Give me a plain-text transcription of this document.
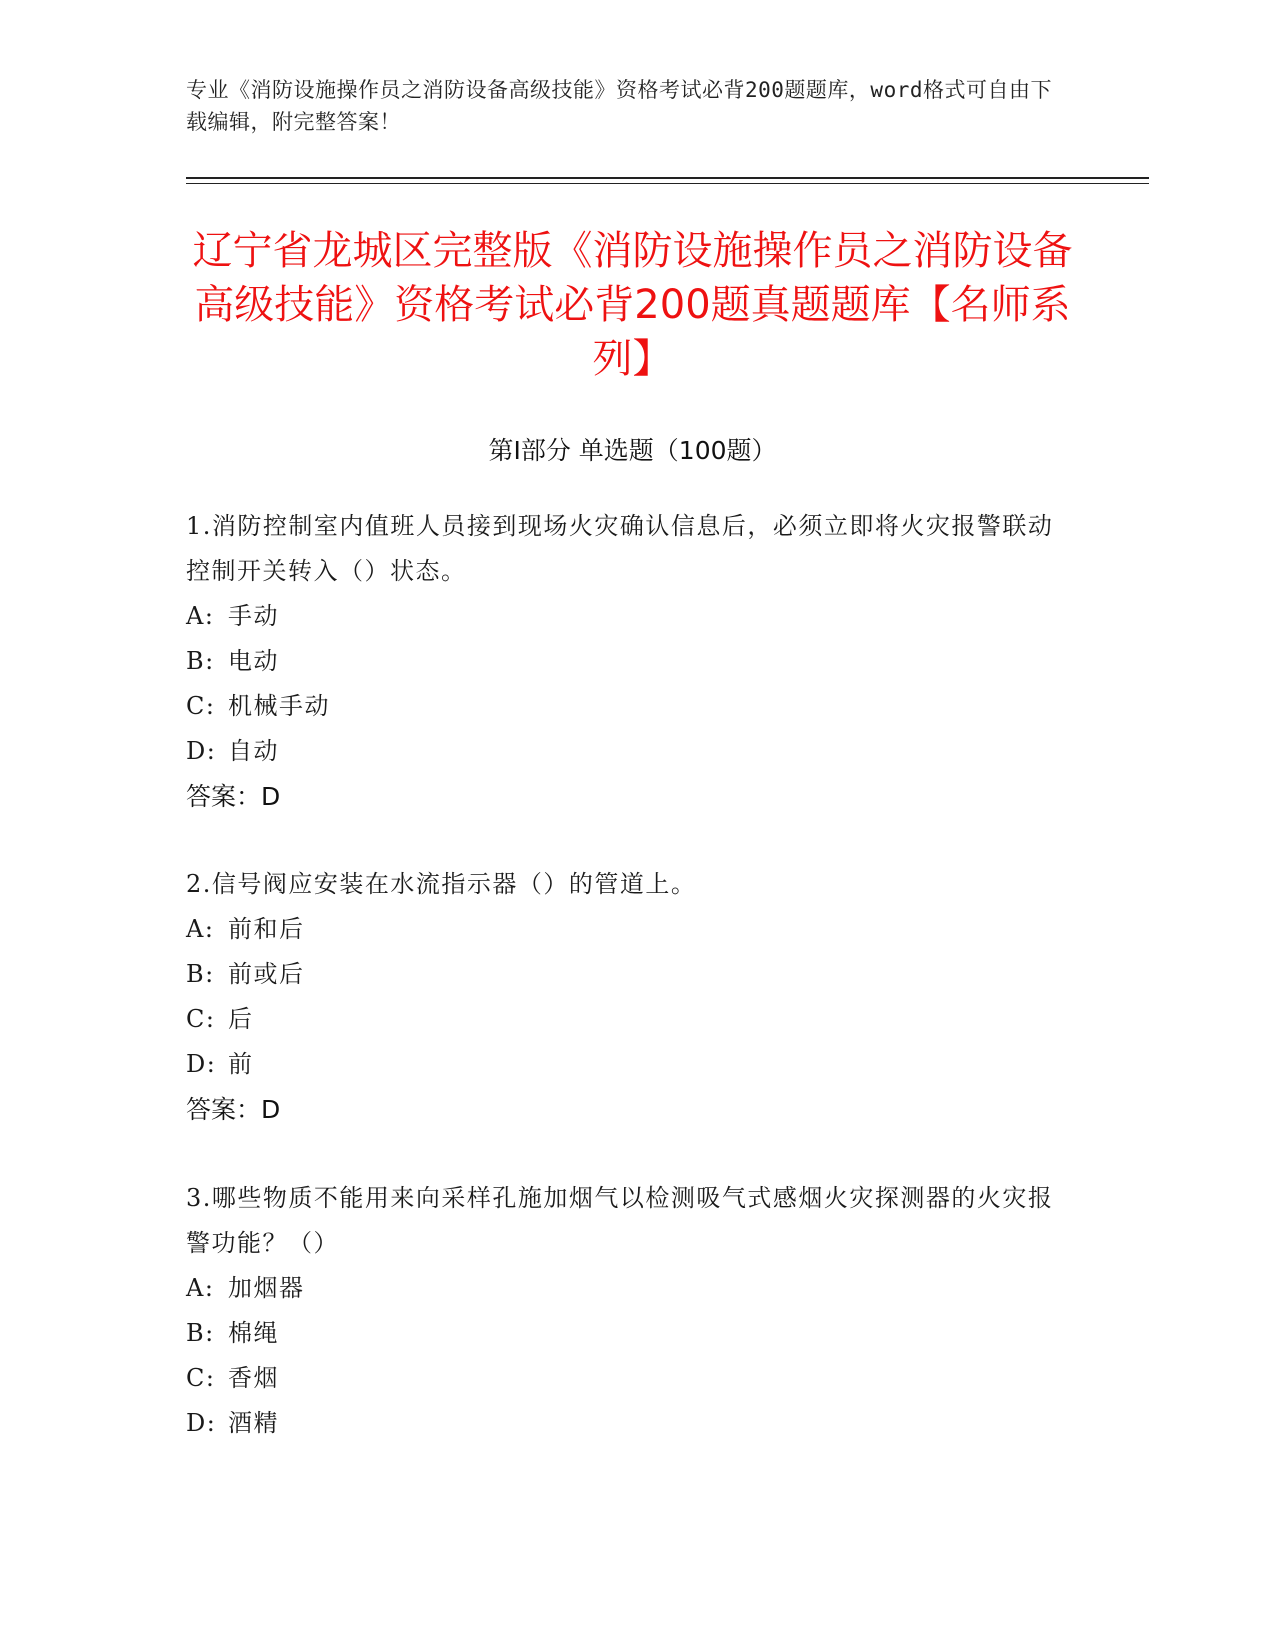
专业《消防设施操作员之消防设备高级技能》资格考试必背200题题库，word格式可自由下载编辑，附完整答案！
辽宁省龙城区完整版《消防设施操作员之消防设备高级技能》资格考试必背200题真题题库【名师系列】
第I部分 单选题（100题）
1.消防控制室内值班人员接到现场火灾确认信息后，必须立即将火灾报警联动控制开关转入（）状态。
A: 手动
B: 电动
C: 机械手动
D: 自动
答案：D
2.信号阀应安装在水流指示器（）的管道上。
A: 前和后
B: 前或后
C: 后
D: 前
答案：D
3.哪些物质不能用来向采样孔施加烟气以检测吸气式感烟火灾探测器的火灾报警功能？（）
A: 加烟器
B: 棉绳
C: 香烟
D: 酒精
